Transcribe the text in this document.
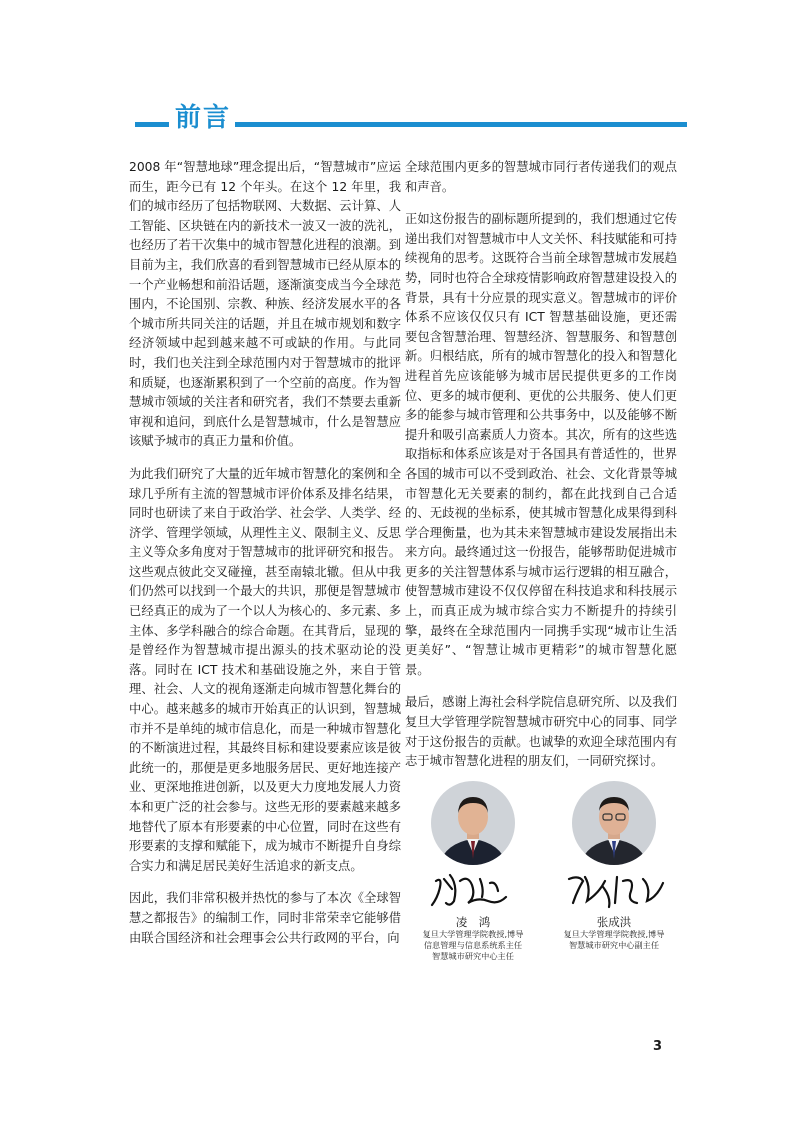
前言

2008 年“智慧地球”理念提出后，“智慧城市”应运而生，距今已有 12 个年头。在这个 12 年里，我们的城市经历了包括物联网、大数据、云计算、人工智能、区块链在内的新技术一波又一波的洗礼，也经历了若干次集中的城市智慧化进程的浪潮。到目前为主，我们欣喜的看到智慧城市已经从原本的一个产业畅想和前沿话题，逐渐演变成当今全球范围内，不论国别、宗教、种族、经济发展水平的各个城市所共同关注的话题，并且在城市规划和数字经济领域中起到越来越不可或缺的作用。与此同时，我们也关注到全球范围内对于智慧城市的批评和质疑，也逐渐累积到了一个空前的高度。作为智慧城市领域的关注者和研究者，我们不禁要去重新审视和追问，到底什么是智慧城市，什么是智慧应该赋予城市的真正力量和价值。

为此我们研究了大量的近年城市智慧化的案例和全球几乎所有主流的智慧城市评价体系及排名结果，同时也研读了来自于政治学、社会学、人类学、经济学、管理学领域，从理性主义、限制主义、反思主义等众多角度对于智慧城市的批评研究和报告。这些观点彼此交叉碰撞，甚至南辕北辙。但从中我们仍然可以找到一个最大的共识，那便是智慧城市已经真正的成为了一个以人为核心的、多元素、多主体、多学科融合的综合命题。在其背后，显现的是曾经作为智慧城市提出源头的技术驱动论的没落。同时在 ICT 技术和基础设施之外，来自于管理、社会、人文的视角逐渐走向城市智慧化舞台的中心。越来越多的城市开始真正的认识到，智慧城市并不是单纯的城市信息化，而是一种城市智慧化的不断演进过程，其最终目标和建设要素应该是彼此统一的，那便是更多地服务居民、更好地连接产业、更深地推进创新，以及更大力度地发展人力资本和更广泛的社会参与。这些无形的要素越来越多地替代了原本有形要素的中心位置，同时在这些有形要素的支撑和赋能下，成为城市不断提升自身综合实力和满足居民美好生活追求的新支点。

因此，我们非常积极并热忱的参与了本次《全球智慧之都报告》的编制工作，同时非常荣幸它能够借由联合国经济和社会理事会公共行政网的平台，向

全球范围内更多的智慧城市同行者传递我们的观点和声音。

正如这份报告的副标题所提到的，我们想通过它传递出我们对智慧城市中人文关怀、科技赋能和可持续视角的思考。这既符合当前全球智慧城市发展趋势，同时也符合全球疫情影响政府智慧建设投入的背景，具有十分应景的现实意义。智慧城市的评价体系不应该仅仅只有 ICT 智慧基础设施，更还需要包含智慧治理、智慧经济、智慧服务、和智慧创新。归根结底，所有的城市智慧化的投入和智慧化进程首先应该能够为城市居民提供更多的工作岗位、更多的城市便利、更优的公共服务、使人们更多的能参与城市管理和公共事务中，以及能够不断提升和吸引高素质人力资本。其次，所有的这些选取指标和体系应该是对于各国具有普适性的，世界各国的城市可以不受到政治、社会、文化背景等城市智慧化无关要素的制约，都在此找到自己合适的、无歧视的坐标系，使其城市智慧化成果得到科学合理衡量，也为其未来智慧城市建设发展指出未来方向。最终通过这一份报告，能够帮助促进城市更多的关注智慧体系与城市运行逻辑的相互融合，使智慧城市建设不仅仅停留在科技追求和科技展示上，而真正成为城市综合实力不断提升的持续引擎，最终在全球范围内一同携手实现“城市让生活更美好”、“智慧让城市更精彩”的城市智慧化愿景。

最后，感谢上海社会科学院信息研究所、以及我们复旦大学管理学院智慧城市研究中心的同事、同学对于这份报告的贡献。也诚挚的欢迎全球范围内有志于城市智慧化进程的朋友们，一同研究探讨。

凌　鸿
复旦大学管理学院教授,博导
信息管理与信息系统系主任
智慧城市研究中心主任
张成洪
复旦大学管理学院教授,博导
智慧城市研究中心副主任
3
